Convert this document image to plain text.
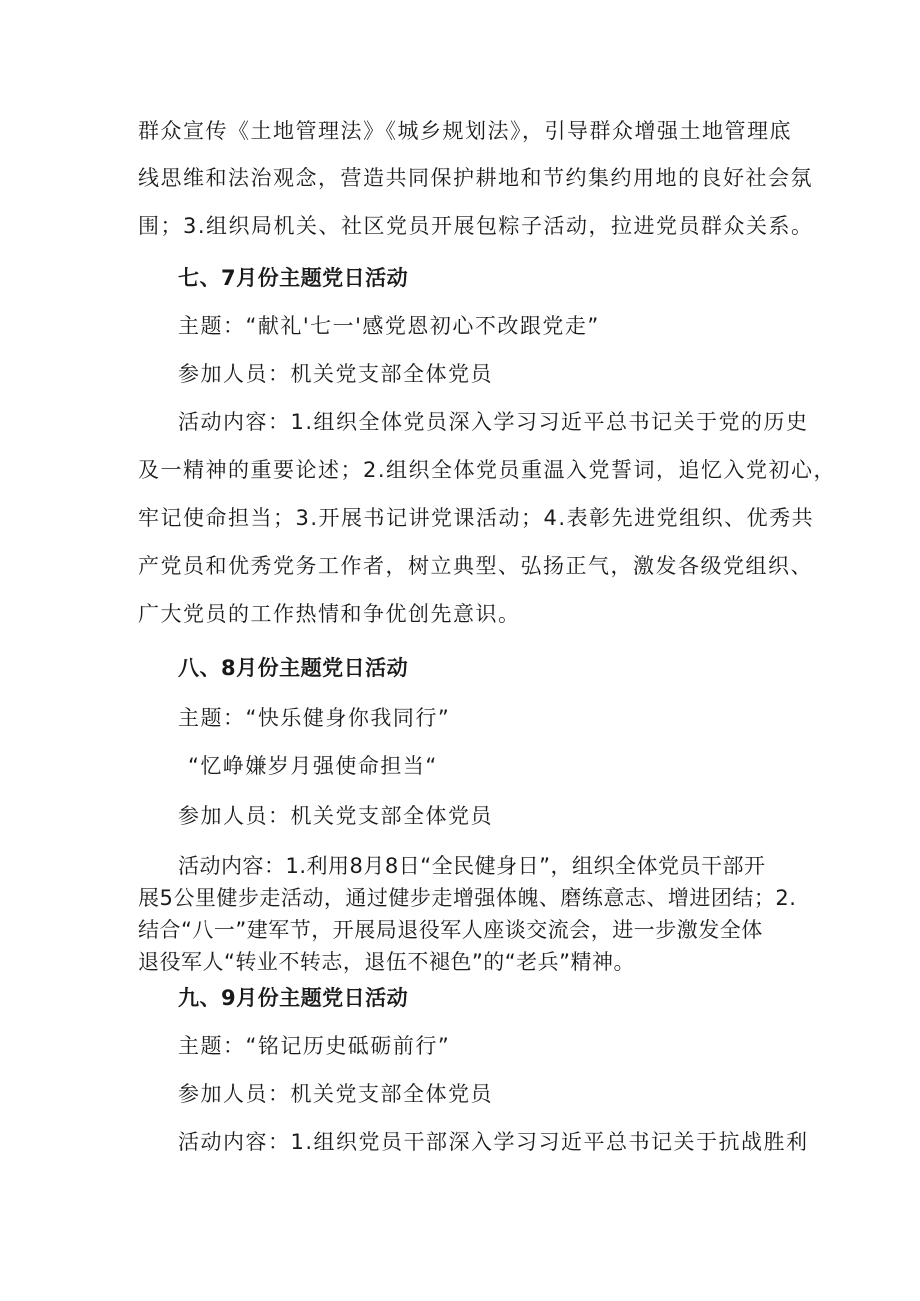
群众宣传《土地管理法》《城乡规划法》，引导群众增强土地管理底
线思维和法治观念，营造共同保护耕地和节约集约用地的良好社会氛
围；3.组织局机关、社区党员开展包粽子活动，拉进党员群众关系。
七、7月份主题党日活动
主题：“献礼'七一'感党恩初心不改跟党走”
参加人员：机关党支部全体党员
活动内容：1.组织全体党员深入学习习近平总书记关于党的历史
及一精神的重要论述；2.组织全体党员重温入党誓词，追忆入党初心，
牢记使命担当；3.开展书记讲党课活动；4.表彰先进党组织、优秀共
产党员和优秀党务工作者，树立典型、弘扬正气，激发各级党组织、
广大党员的工作热情和争优创先意识。
八、8月份主题党日活动
主题：“快乐健身你我同行”
“忆峥嫌岁月强使命担当“
参加人员：机关党支部全体党员
活动内容：1.利用8月8日“全民健身日”，组织全体党员干部开
展5公里健步走活动，通过健步走增强体魄、磨练意志、增进团结；2.
结合“八一”建军节，开展局退役军人座谈交流会，进一步激发全体
退役军人“转业不转志，退伍不褪色”的“老兵”精神。
九、9月份主题党日活动
主题：“铭记历史砥砺前行”
参加人员：机关党支部全体党员
活动内容：1.组织党员干部深入学习习近平总书记关于抗战胜利
